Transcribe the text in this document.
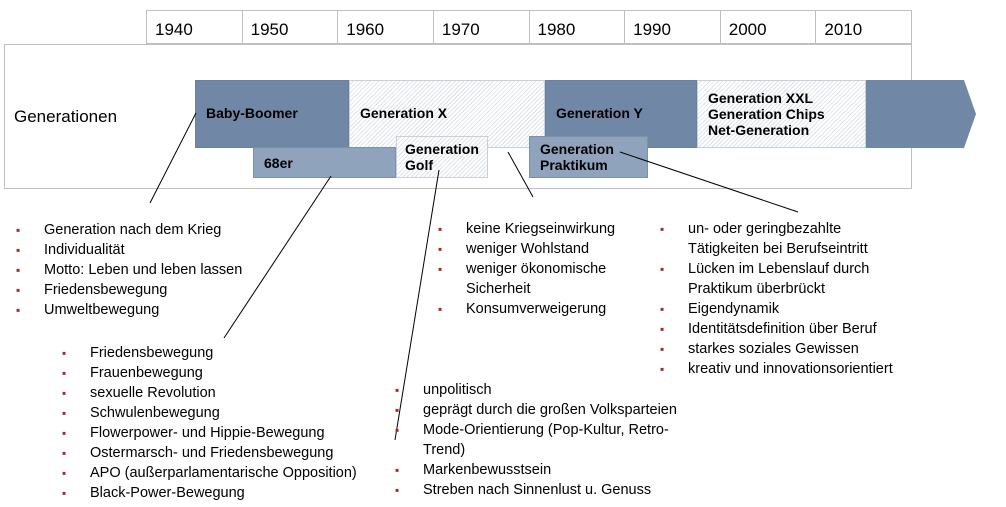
1940	1950	1960	1970	1980	1990	2000	2010
Generationen	Baby-Boomer	Generation X	Generation Y
Generation XXL
Generation Chips
Net-Generation
68er
Generation
Golf
Generation
Praktikum
▪ Generation nach dem Krieg
▪ Individualität
▪ Motto: Leben und leben lassen
▪ Friedensbewegung
▪ Umweltbewegung
▪ Friedensbewegung
▪ Frauenbewegung
▪ sexuelle Revolution
▪ Schwulenbewegung
▪ Flowerpower- und Hippie-Bewegung
▪ Ostermarsch- und Friedensbewegung
▪ APO (außerparlamentarische Opposition)
▪ Black-Power-Bewegung
▪ keine Kriegseinwirkung
▪ weniger Wohlstand
▪ weniger ökonomische
Sicherheit
▪ Konsumverweigerung
▪ unpolitisch
▪ geprägt durch die großen Volksparteien
▪ Mode-Orientierung (Pop-Kultur, Retro-
Trend)
▪ Markenbewusstsein
▪ Streben nach Sinnenlust u. Genuss
▪ un- oder geringbezahlte
Tätigkeiten bei Berufseintritt
▪ Lücken im Lebenslauf durch
Praktikum überbrückt
▪ Eigendynamik
▪ Identitätsdefinition über Beruf
▪ starkes soziales Gewissen
▪ kreativ und innovationsorientiert
